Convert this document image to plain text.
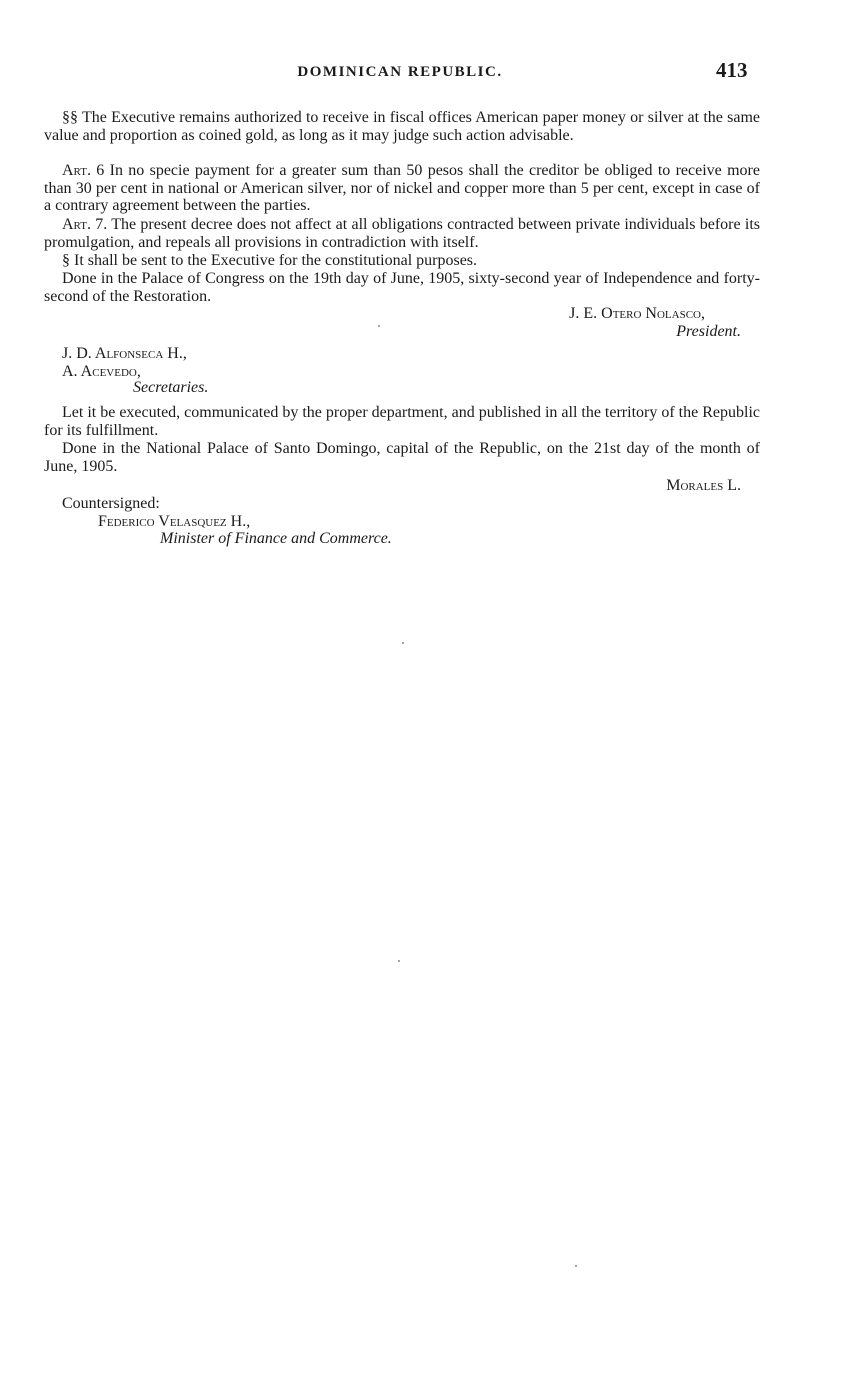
DOMINICAN REPUBLIC.	413

§§ The Executive remains authorized to receive in fiscal offices American paper money or silver at the same value and proportion as coined gold, as long as it may judge such action advisable.

Art. 6 In no specie payment for a greater sum than 50 pesos shall the creditor be obliged to receive more than 30 per cent in national or American silver, nor of nickel and copper more than 5 per cent, except in case of a contrary agreement between the parties.

Art. 7. The present decree does not affect at all obligations contracted between private individuals before its promulgation, and repeals all provisions in contradiction with itself.

§ It shall be sent to the Executive for the constitutional purposes.

Done in the Palace of Congress on the 19th day of June, 1905, sixty-second year of Independence and forty-second of the Restoration.

J. E. Otero Nolasco,
President.
J. D. Alfonseca H.,
A. Acevedo,
Secretaries.

Let it be executed, communicated by the proper department, and published in all the territory of the Republic for its fulfillment.

Done in the National Palace of Santo Domingo, capital of the Republic, on the 21st day of the month of June, 1905.

Morales L.
Countersigned:
Federico Velasquez H.,
Minister of Finance and Commerce.
